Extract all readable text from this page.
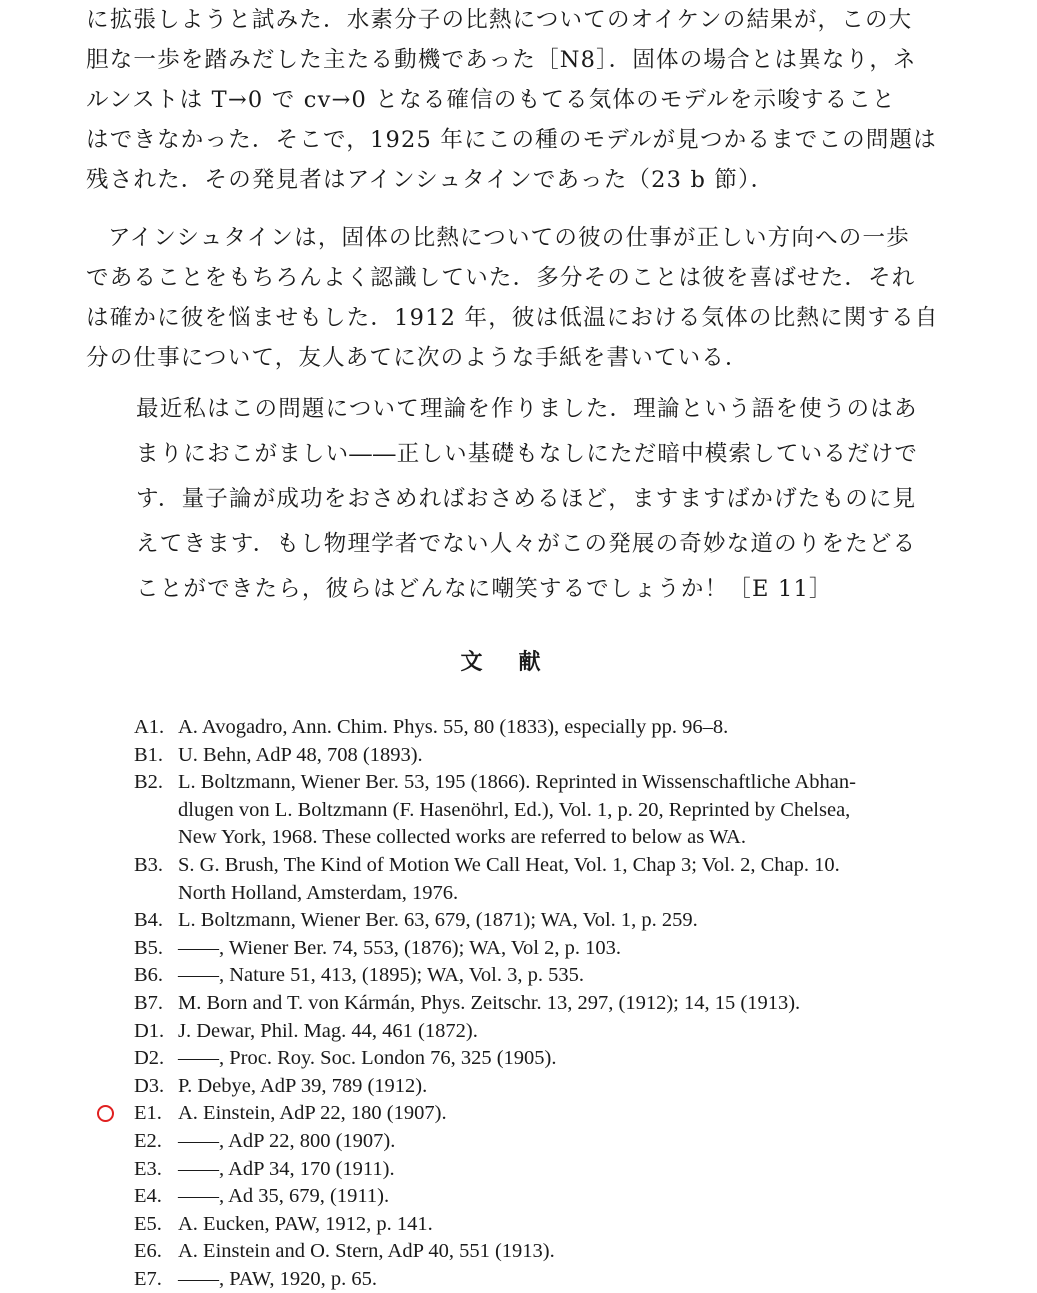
に拡張しようと試みた．水素分子の比熱についてのオイケンの結果が，この大
胆な一歩を踏みだした主たる動機であった［N8］．固体の場合とは異なり，ネ
ルンストは T→0 で cv→0 となる確信のもてる気体のモデルを示唆すること
はできなかった．そこで，1925 年にこの種のモデルが見つかるまでこの問題は
残された．その発見者はアインシュタインであった（23 b 節）．
アインシュタインは，固体の比熱についての彼の仕事が正しい方向への一歩
であることをもちろんよく認識していた．多分そのことは彼を喜ばせた．それ
は確かに彼を悩ませもした．1912 年，彼は低温における気体の比熱に関する自
分の仕事について，友人あてに次のような手紙を書いている．
最近私はこの問題について理論を作りました．理論という語を使うのはあ
まりにおこがましい――正しい基礎もなしにただ暗中模索しているだけで
す．量子論が成功をおさめればおさめるほど，ますますばかげたものに見
えてきます．もし物理学者でない人々がこの発展の奇妙な道のりをたどる
ことができたら，彼らはどんなに嘲笑するでしょうか！［E 11］
文献
A1. A. Avogadro, Ann. Chim. Phys. 55, 80 (1833), especially pp. 96–8.
B1. U. Behn, AdP 48, 708 (1893).
B2. L. Boltzmann, Wiener Ber. 53, 195 (1866). Reprinted in Wissenschaftliche Abhan-
dlugen von L. Boltzmann (F. Hasenöhrl, Ed.), Vol. 1, p. 20, Reprinted by Chelsea,
New York, 1968. These collected works are referred to below as WA.
B3. S. G. Brush, The Kind of Motion We Call Heat, Vol. 1, Chap 3; Vol. 2, Chap. 10.
North Holland, Amsterdam, 1976.
B4. L. Boltzmann, Wiener Ber. 63, 679, (1871); WA, Vol. 1, p. 259.
B5. ——, Wiener Ber. 74, 553, (1876); WA, Vol 2, p. 103.
B6. ——, Nature 51, 413, (1895); WA, Vol. 3, p. 535.
B7. M. Born and T. von Kármán, Phys. Zeitschr. 13, 297, (1912); 14, 15 (1913).
D1. J. Dewar, Phil. Mag. 44, 461 (1872).
D2. ——, Proc. Roy. Soc. London 76, 325 (1905).
D3. P. Debye, AdP 39, 789 (1912).
E1. A. Einstein, AdP 22, 180 (1907).
E2. ——, AdP 22, 800 (1907).
E3. ——, AdP 34, 170 (1911).
E4. ——, Ad 35, 679, (1911).
E5. A. Eucken, PAW, 1912, p. 141.
E6. A. Einstein and O. Stern, AdP 40, 551 (1913).
E7. ——, PAW, 1920, p. 65.
